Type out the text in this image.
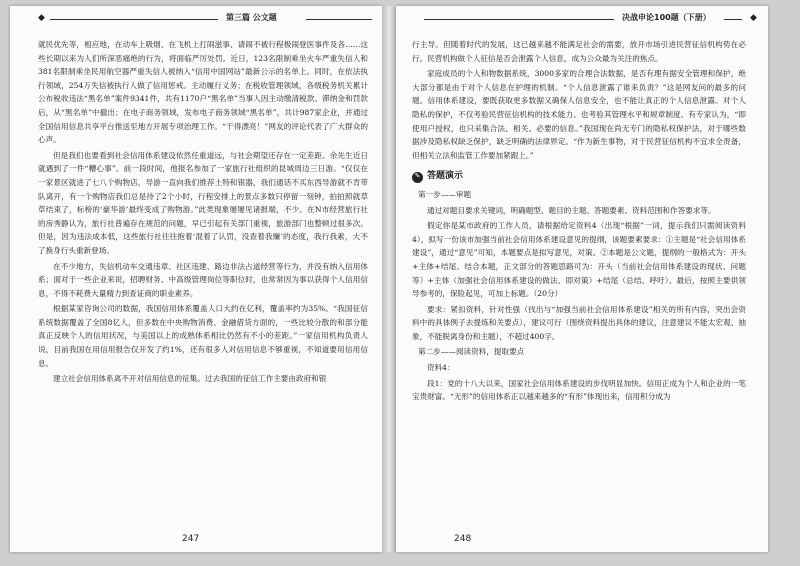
◆	第三篇 公文题

就民优先等，相应地，在动车上吸烟、在飞机上打闹滋事、请闹不被行程极闹登医事件及各……这些长期以来为人们所深恶痛绝的行为，将面临严厉处罚。近日，123名限制乘坐火车严重失信人和381名限制乘坐民用航空器严重失信人被纳入“信用中国网站”最新公示的名单上。同时，在依法执行领域，254万失信被执行人做了信用惩戒。主动履行义务；在税收管理领域，各级税务机关累计公布税收违法“黑名单”案件9341件，共有1170户“黑名单”当事人因主动缴清税款、滞纳金和罚款后，从“黑名单”中撤出；在电子商务领域，发布电子商务领域“黑名单”，共计987家企业，并通过全国信用信息共享平台推送至地方开展专项治理工作。“干得漂亮！”网友的评论代表了广大群众的心声。

但是我们也要看到社会信用体系建设依然任重道远，与社会期望还存在一定差距。余先生近日就遇到了一件“糟心事”。前一段时间，他报名参加了一家旅行社组织的昆城周边三日游。“仅仅在一家景区就进了七八个购物店，导游一直向我们推荐土特和银器，我们通话不买东西导游就不肯带队离开，有一个购物店我们总是待了2个小时，行程安排上的景点多数只停留一刻钟，拍拍照就草草结束了，标榜的‘豪华游’最终变成了购物游。”此类现象屡屡见诸报端，不少。在N市经营旅行社的房秀静认为，旅行社普遍存在规范的问题，早已引起有关部门重视，旅游部门也整顿过很多次。但是，因为违法成本低，这些旅行社往往抱着‘混着了认罚，没查着我赚’的态度，我行我素，大不了换身行头重新登场。

在不少地方，失信机动车交通违章、社区违建、路边非法占道经营等行为，并没有纳入信用体系；面对于一些企业来说，招聘财务、中高级管理岗位等职位时，也常常因为事以获得个人信用信息，不得不耗费大量精力到查证商的职业素养。

根据某家咨询公司的数据，我国信用体系覆盖人口大约在亿利，覆盖率约为35%。“我国征信系统数据覆盖了全国8亿人，但多数在中央购物消费、金融借贷方面的，一些比较分散的和部分能真正反映个人的信用状况，与美国以上的成熟体系相比仍然有不小的差距。”一家信用机构负责人说，目前我国在用信用报告仅开发了约1%，还有很多人对信用信息不够重视，不知道要用信用信息。

建立社会信用体系离不开对信用信息的征集。过去我国的征信工作主要由政府和银

247
决战申论100题（下册）	◆

行主导。但随着时代的发展，这已越来越不能满足社会的需要，放开市场引进民营征信机构势在必行。民营机构做个人征信是否会泄露个人信息，成为公众最为关注的焦点。

家庭成员的个人和物数据系统，3000多家的合理合法数据，是否有理有据安全管理和保护，绝大部分都是由于对个人信息在护理的机制。“个人信息泄露了谁来负责？”这是网友问的最多的问题。信用体系建设，要既获取更多数据又确保人信息安全，也不能让真正的个人信息泄露。对个人隐私的保护，不仅考验民营征信机构的技术能力、也考验其管理水平和规章制度。有专家认为，“即使用户授权，也只采集合法、相关、必要的信息。”我国现在尚无专门的隐私权保护法，对于哪些数据涉及隐私权缺乏保护，缺乏明确的法律界定。“作为新生事物，对于民营征信机构不宜求全责备，但相关立法和监管工作要加紧跟上。”

✎ 答题演示

第一步——审题

通过对题目要求关键词，明确题型、题目的主题、答题要素、资料范围和作答要求等。

假定你是某市政府的工作人员，请根据给定资料4（出现“根据”一词，提示我们只需阅读资料4），拟写一份该市加强当前社会信用体系建设意见的提纲，该题要素要求：①主题是“社会信用体系建设”，通过“意见”可知，本题要点是拟写意见，对策。②本题是公文题，提纲的一般格式为：开头+主体+结尾。结合本题，正文部分的答题思路可为：开头（当前社会信用体系建设的现状、问题等）+主体（加强社会信用体系建设的做法、即对策）+结尾（总结、呼吁）。最后，按照主要供领导参考的，保险起见，可加上标题。（20分）

要求：紧扣资料，针对性强（找出与“加强当前社会信用体系建设”相关的所有内容，突出会资料中的具体例子去提炼和关要点），建议可行（围绕资料提出具体的建议，注意建议不能太宏观、抽象，不能脱离身份和主题），不超过400字。

第二步——阅读资料，提取要点

资料4：

段1：党的十八大以来，国家社会信用体系建设的步伐明显加快。信用正成为个人和企业的一笔宝贵财富。“无形”的信用体系正以越来越多的“有形”体现出来，信用积分成为

248
